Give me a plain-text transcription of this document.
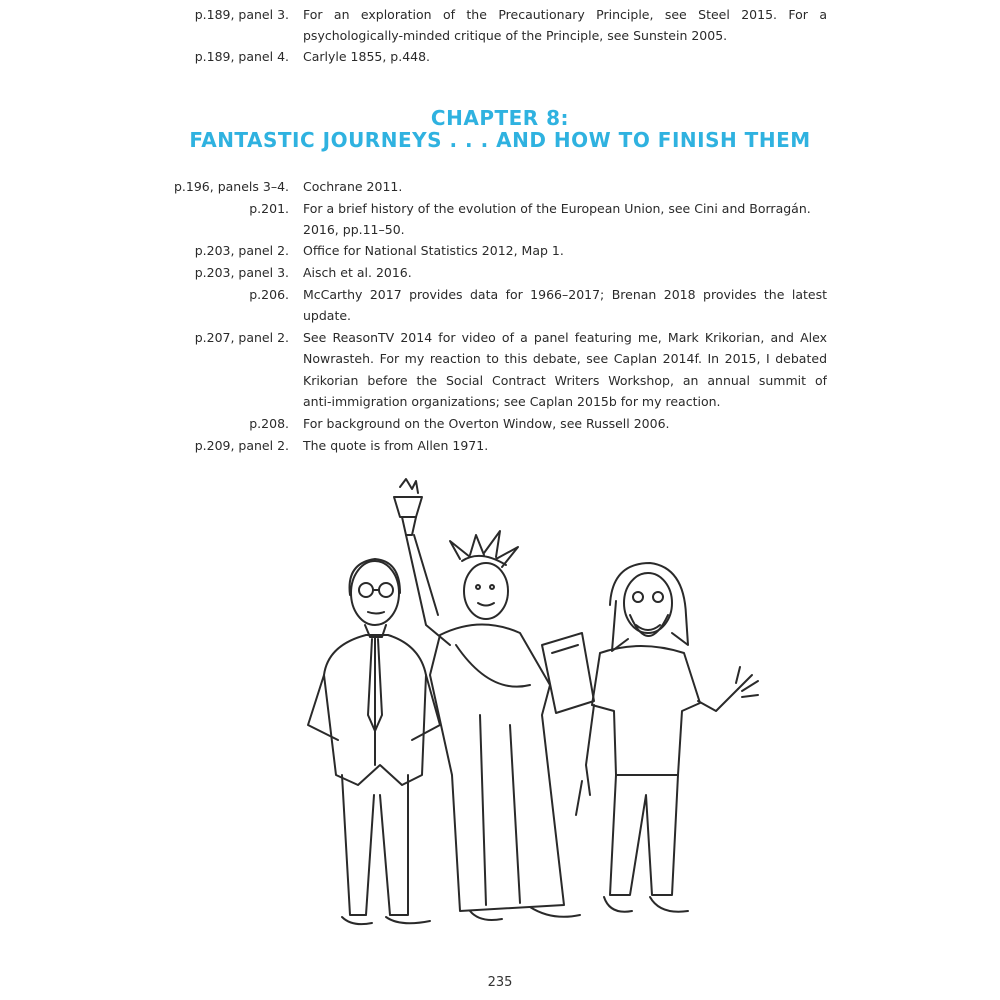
p.189, panel 3. For an exploration of the Precautionary Principle, see Steel 2015. For a
psychologically-minded critique of the Principle, see Sunstein 2005.
p.189, panel 4. Carlyle 1855, p.448.
CHAPTER 8:
FANTASTIC JOURNEYS . . . AND HOW TO FINISH THEM
p.196, panels 3–4. Cochrane 2011.
p.201. For a brief history of the evolution of the European Union, see Cini and Borragán.
2016, pp.11–50.
p.203, panel 2. Office for National Statistics 2012, Map 1.
p.203, panel 3. Aisch et al. 2016.
p.206. McCarthy 2017 provides data for 1966–2017; Brenan 2018 provides the latest
update.
p.207, panel 2. See ReasonTV 2014 for video of a panel featuring me, Mark Krikorian, and Alex
Nowrasteh. For my reaction to this debate, see Caplan 2014f. In 2015, I debated
Krikorian before the Social Contract Writers Workshop, an annual summit of
anti-immigration organizations; see Caplan 2015b for my reaction.
p.208. For background on the Overton Window, see Russell 2006.
p.209, panel 2. The quote is from Allen 1971.
235
